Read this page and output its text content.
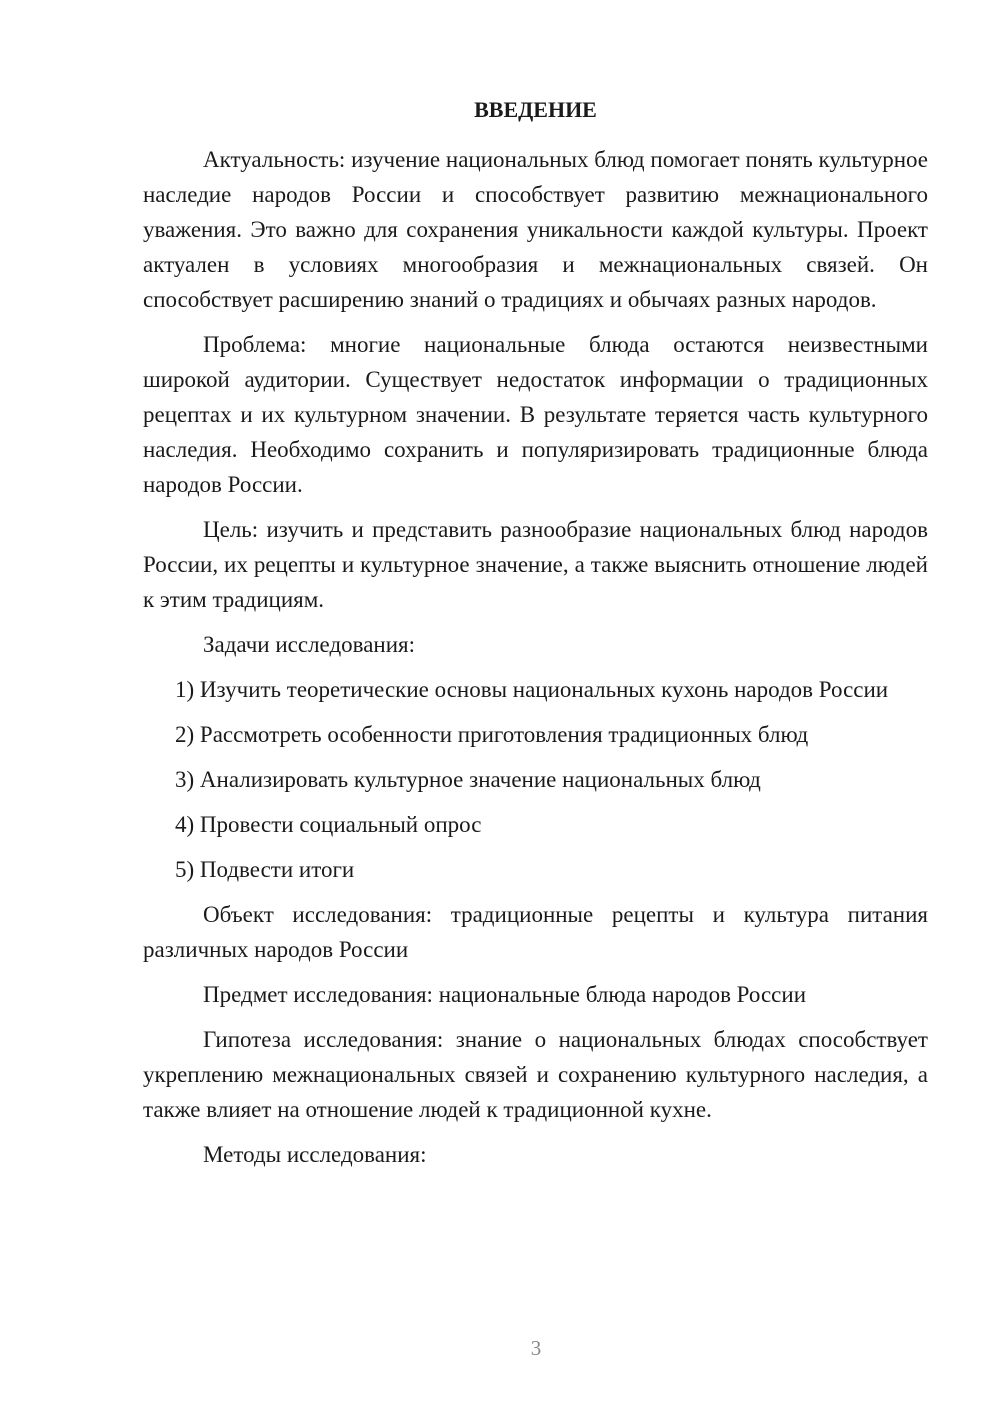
ВВЕДЕНИЕ

Актуальность: изучение национальных блюд помогает понять культурное наследие народов России и способствует развитию межнационального уважения. Это важно для сохранения уникальности каждой культуры. Проект актуален в условиях многообразия и межнациональных связей. Он способствует расширению знаний о традициях и обычаях разных народов.

Проблема: многие национальные блюда остаются неизвестными широкой аудитории. Существует недостаток информации о традиционных рецептах и их культурном значении. В результате теряется часть культурного наследия. Необходимо сохранить и популяризировать традиционные блюда народов России.

Цель: изучить и представить разнообразие национальных блюд народов России, их рецепты и культурное значение, а также выяснить отношение людей к этим традициям.

Задачи исследования:

1) Изучить теоретические основы национальных кухонь народов России

2) Рассмотреть особенности приготовления традиционных блюд

3) Анализировать культурное значение национальных блюд

4) Провести социальный опрос

5) Подвести итоги

Объект исследования: традиционные рецепты и культура питания различных народов России

Предмет исследования: национальные блюда народов России

Гипотеза исследования: знание о национальных блюдах способствует укреплению межнациональных связей и сохранению культурного наследия, а также влияет на отношение людей к традиционной кухне.

Методы исследования:

3
